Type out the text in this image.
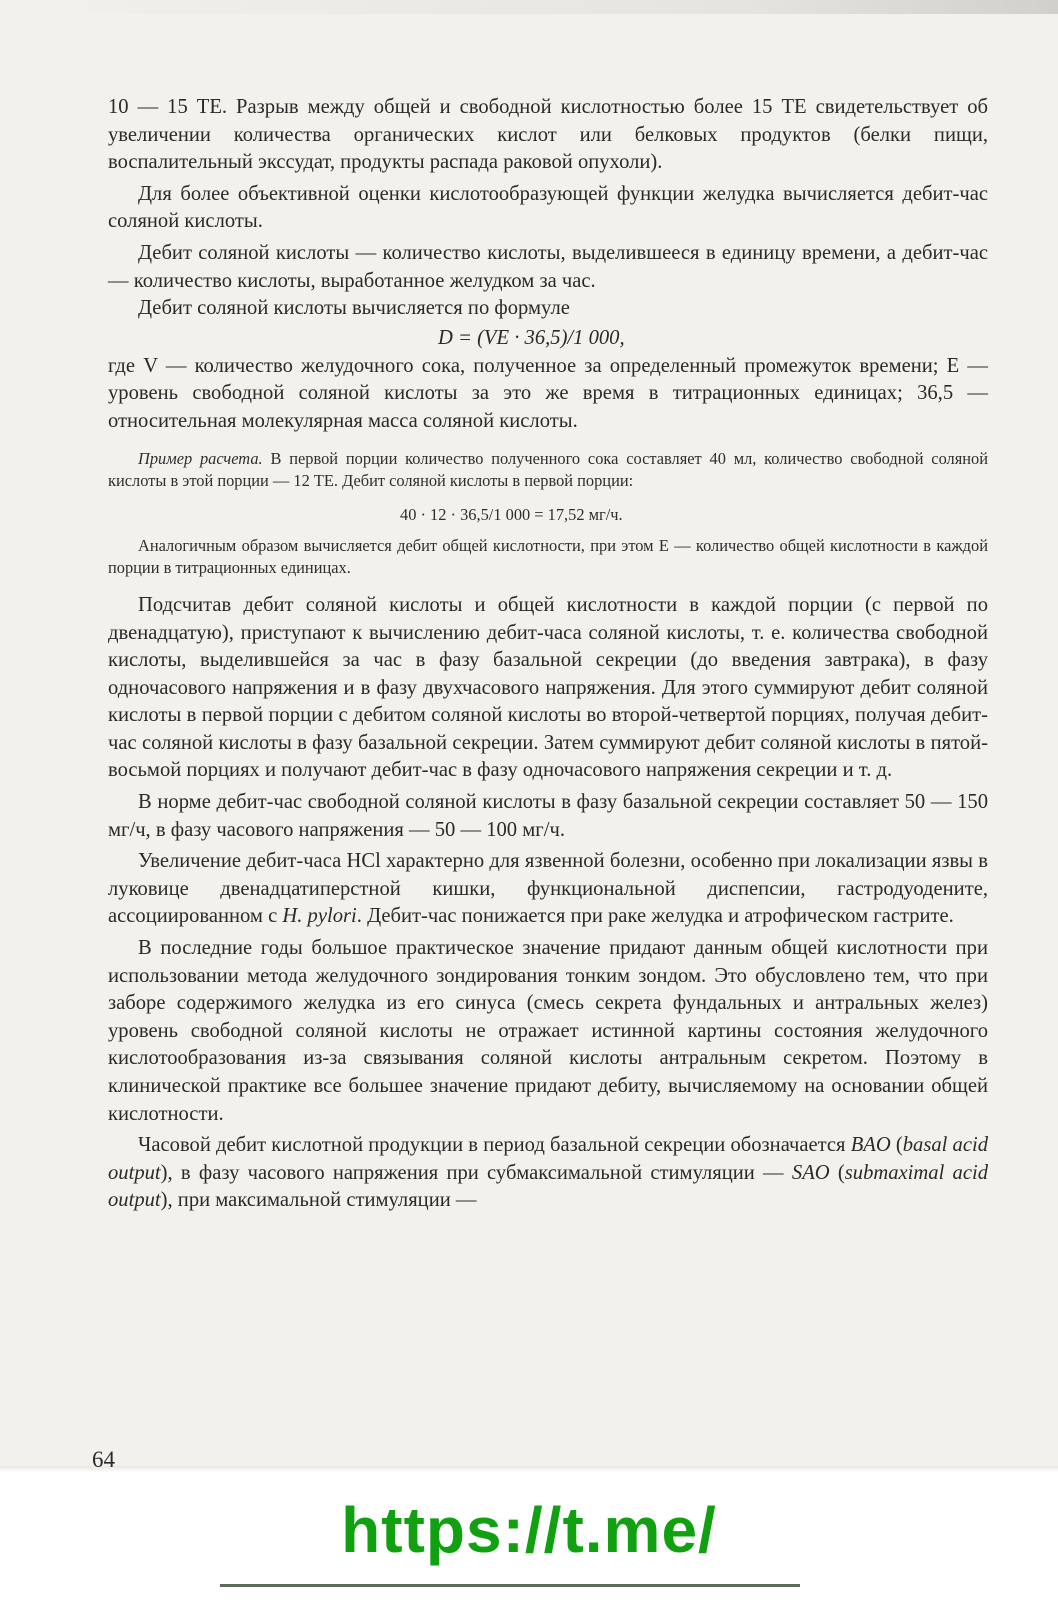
10 — 15 ТЕ. Разрыв между общей и свободной кислотностью более 15 ТЕ свидетельствует об увеличении количества органических кислот или белковых продуктов (белки пищи, воспалительный экссудат, продукты распада раковой опухоли).

Для более объективной оценки кислотообразующей функции желудка вычисляется дебит-час соляной кислоты.

Дебит соляной кислоты — количество кислоты, выделившееся в единицу времени, а дебит-час — количество кислоты, выработанное желудком за час.

Дебит соляной кислоты вычисляется по формуле

D = (VE · 36,5)/1 000,

где V — количество желудочного сока, полученное за определенный промежуток времени; E — уровень свободной соляной кислоты за это же время в титрационных единицах; 36,5 — относительная молекулярная масса соляной кислоты.

Пример расчета. В первой порции количество полученного сока составляет 40 мл, количество свободной соляной кислоты в этой порции — 12 ТЕ. Дебит соляной кислоты в первой порции:

40 · 12 · 36,5/1 000 = 17,52 мг/ч.

Аналогичным образом вычисляется дебит общей кислотности, при этом E — количество общей кислотности в каждой порции в титрационных единицах.

Подсчитав дебит соляной кислоты и общей кислотности в каждой порции (с первой по двенадцатую), приступают к вычислению дебит-часа соляной кислоты, т. е. количества свободной кислоты, выделившейся за час в фазу базальной секреции (до введения завтрака), в фазу одночасового напряжения и в фазу двухчасового напряжения. Для этого суммируют дебит соляной кислоты в первой порции с дебитом соляной кислоты во второй-четвертой порциях, получая дебит-час соляной кислоты в фазу базальной секреции. Затем суммируют дебит соляной кислоты в пятой-восьмой порциях и получают дебит-час в фазу одночасового напряжения секреции и т. д.

В норме дебит-час свободной соляной кислоты в фазу базальной секреции составляет 50 — 150 мг/ч, в фазу часового напряжения — 50 — 100 мг/ч.

Увеличение дебит-часа HCl характерно для язвенной болезни, особенно при локализации язвы в луковице двенадцатиперстной кишки, функциональной диспепсии, гастродуодените, ассоциированном с H. pylori. Дебит-час понижается при раке желудка и атрофическом гастрите.

В последние годы большое практическое значение придают данным общей кислотности при использовании метода желудочного зондирования тонким зондом. Это обусловлено тем, что при заборе содержимого желудка из его синуса (смесь секрета фундальных и антральных желез) уровень свободной соляной кислоты не отражает истинной картины состояния желудочного кислотообразования из-за связывания соляной кислоты антральным секретом. Поэтому в клинической практике все большее значение придают дебиту, вычисляемому на основании общей кислотности.

Часовой дебит кислотной продукции в период базальной секреции обозначается BAO (basal acid output), в фазу часового напряжения при субмаксимальной стимуляции — SAO (submaximal acid output), при максимальной стимуляции —

64
https://t.me/
